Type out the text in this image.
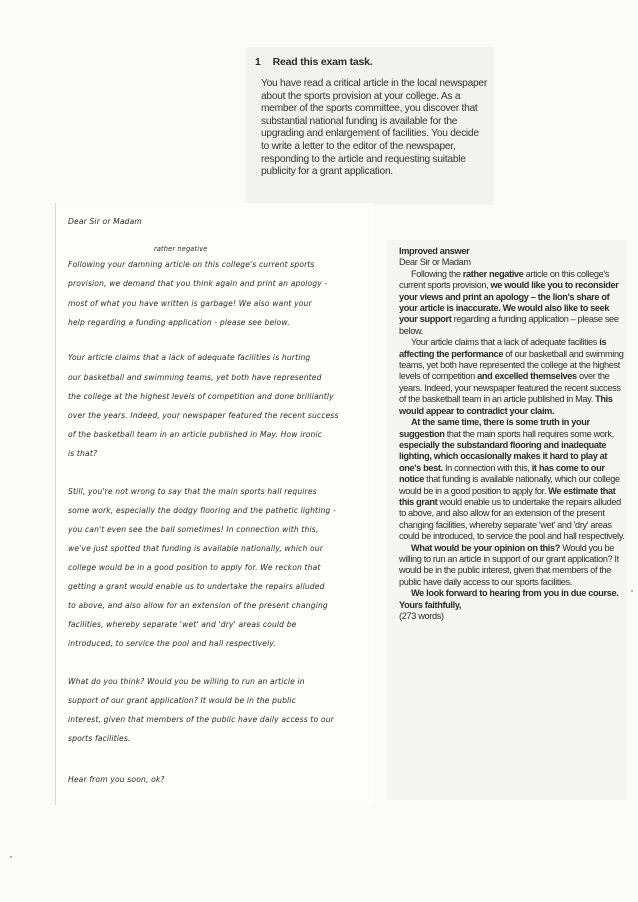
1 Read this exam task.
You have read a critical article in the local newspaper about the sports provision at your college. As a member of the sports committee, you discover that substantial national funding is available for the upgrading and enlargement of facilities. You decide to write a letter to the editor of the newspaper, responding to the article and requesting suitable publicity for a grant application.
Dear Sir or Madam
rather negative
Following your damning article on this college's current sports
provision, we demand that you think again and print an apology -
most of what you have written is garbage! We also want your
help regarding a funding application - please see below.
Your article claims that a lack of adequate facilities is hurting
our basketball and swimming teams, yet both have represented
the college at the highest levels of competition and done brilliantly
over the years. Indeed, your newspaper featured the recent success
of the basketball team in an article published in May. How ironic
is that?
Still, you're not wrong to say that the main sports hall requires
some work, especially the dodgy flooring and the pathetic lighting -
you can't even see the ball sometimes! In connection with this,
we've just spotted that funding is available nationally, which our
college would be in a good position to apply for. We reckon that
getting a grant would enable us to undertake the repairs alluded
to above, and also allow for an extension of the present changing
facilities, whereby separate 'wet' and 'dry' areas could be
introduced, to service the pool and hall respectively.
What do you think? Would you be willing to run an article in
support of our grant application? It would be in the public
interest, given that members of the public have daily access to our
sports facilities.
Hear from you soon, ok?

Improved answer

Dear Sir or Madam

Following the rather negative article on this college's current sports provision, we would like you to reconsider your views and print an apology – the lion's share of your article is inaccurate. We would also like to seek your support regarding a funding application – please see below.

Your article claims that a lack of adequate facilities is affecting the performance of our basketball and swimming teams, yet both have represented the college at the highest levels of competition and excelled themselves over the years. Indeed, your newspaper featured the recent success of the basketball team in an article published in May. This would appear to contradict your claim.

At the same time, there is some truth in your suggestion that the main sports hall requires some work, especially the substandard flooring and inadequate lighting, which occasionally makes it hard to play at one's best. In connection with this, it has come to our notice that funding is available nationally, which our college would be in a good position to apply for. We estimate that this grant would enable us to undertake the repairs alluded to above, and also allow for an extension of the present changing facilities, whereby separate 'wet' and 'dry' areas could be introduced, to service the pool and hall respectively.

What would be your opinion on this? Would you be willing to run an article in support of our grant application? It would be in the public interest, given that members of the public have daily access to our sports facilities.

We look forward to hearing from you in due course.

Yours faithfully,

(273 words)
